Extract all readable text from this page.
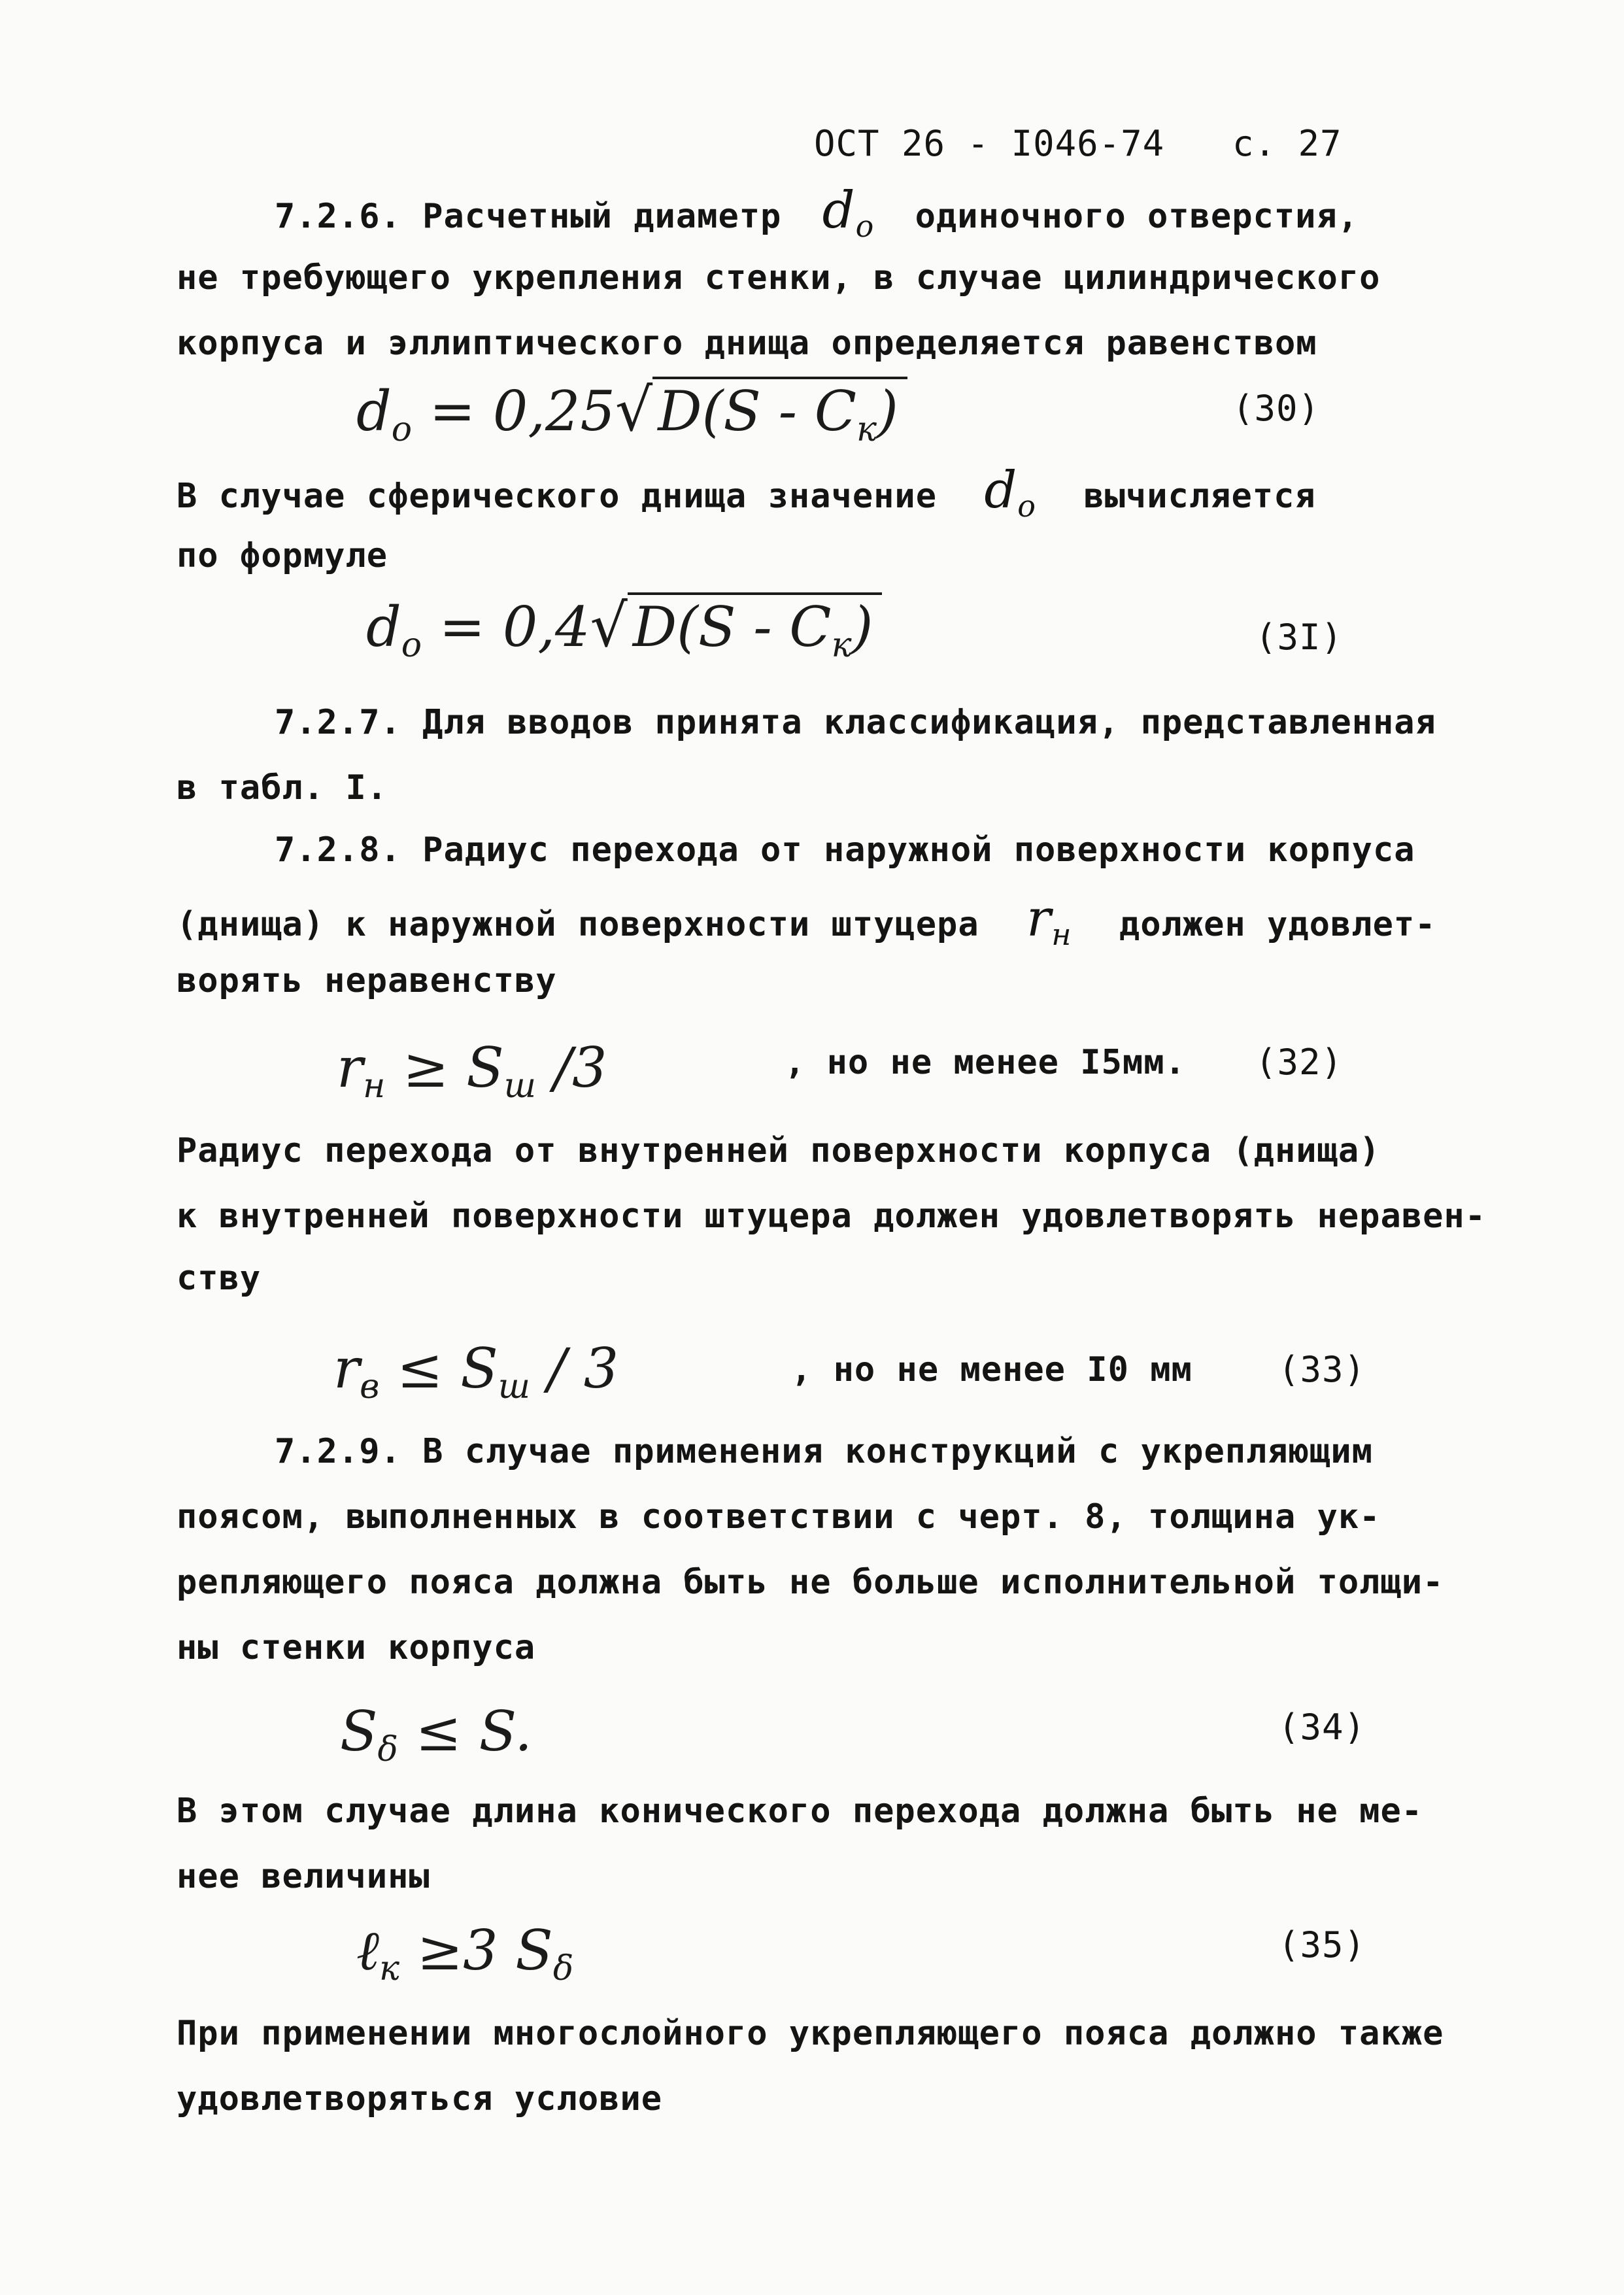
ОСТ 26 - I046-74 с. 27
7.2.6. Расчетный диаметр $d_o$ одиночного отверстия,
не требующего укрепления стенки, в случае цилиндрического
корпуса и эллиптического днища определяется равенством
$d_o = 0,25√D(S - C_к)$	(30)
В случае сферического днища значение $d_o$ вычисляется
по формуле
$d_o = 0,4√D(S - C_к)$	(3I)
7.2.7. Для вводов принята классификация, представленная
в табл. I.
7.2.8. Радиус перехода от наружной поверхности корпуса
(днища) к наружной поверхности штуцера $r_н$ должен удовлет-
ворять неравенству
$r_н \ge S_ш$ /3	, но не менее I5мм. (32)
Радиус перехода от внутренней поверхности корпуса (днища)
к внутренней поверхности штуцера должен удовлетворять неравен-
ству
$r_в \le S_ш / 3$	, но не менее I0 мм (33)
7.2.9. В случае применения конструкций с укрепляющим
поясом, выполненных в соответствии с черт. 8, толщина ук-
репляющего пояса должна быть не больше исполнительной толщи-
ны стенки корпуса
$S_\delta \le S$.	(34)
В этом случае длина конического перехода должна быть не ме-
нее величины
ℓ$_к$ ≥3 $S_\delta$
(35)
При применении многослойного укрепляющего пояса должно также
удовлетворяться условие
